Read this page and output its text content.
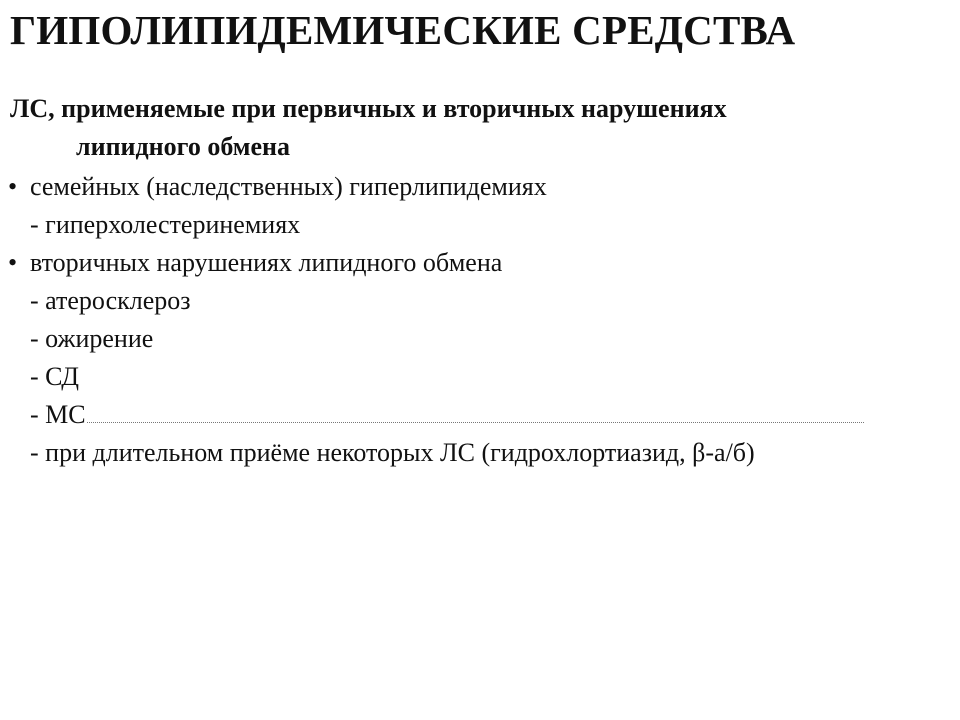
ГИПОЛИПИДЕМИЧЕСКИЕ СРЕДСТВА

ЛС, применяемые при первичных и вторичных нарушениях
липидного обмена

• семейных (наследственных) гиперлипидемиях
- гиперхолестеринемиях
• вторичных нарушениях липидного обмена
- атеросклероз
- ожирение
- СД
- МС
- при длительном приёме некоторых ЛС (гидрохлортиазид, β-а/б)
